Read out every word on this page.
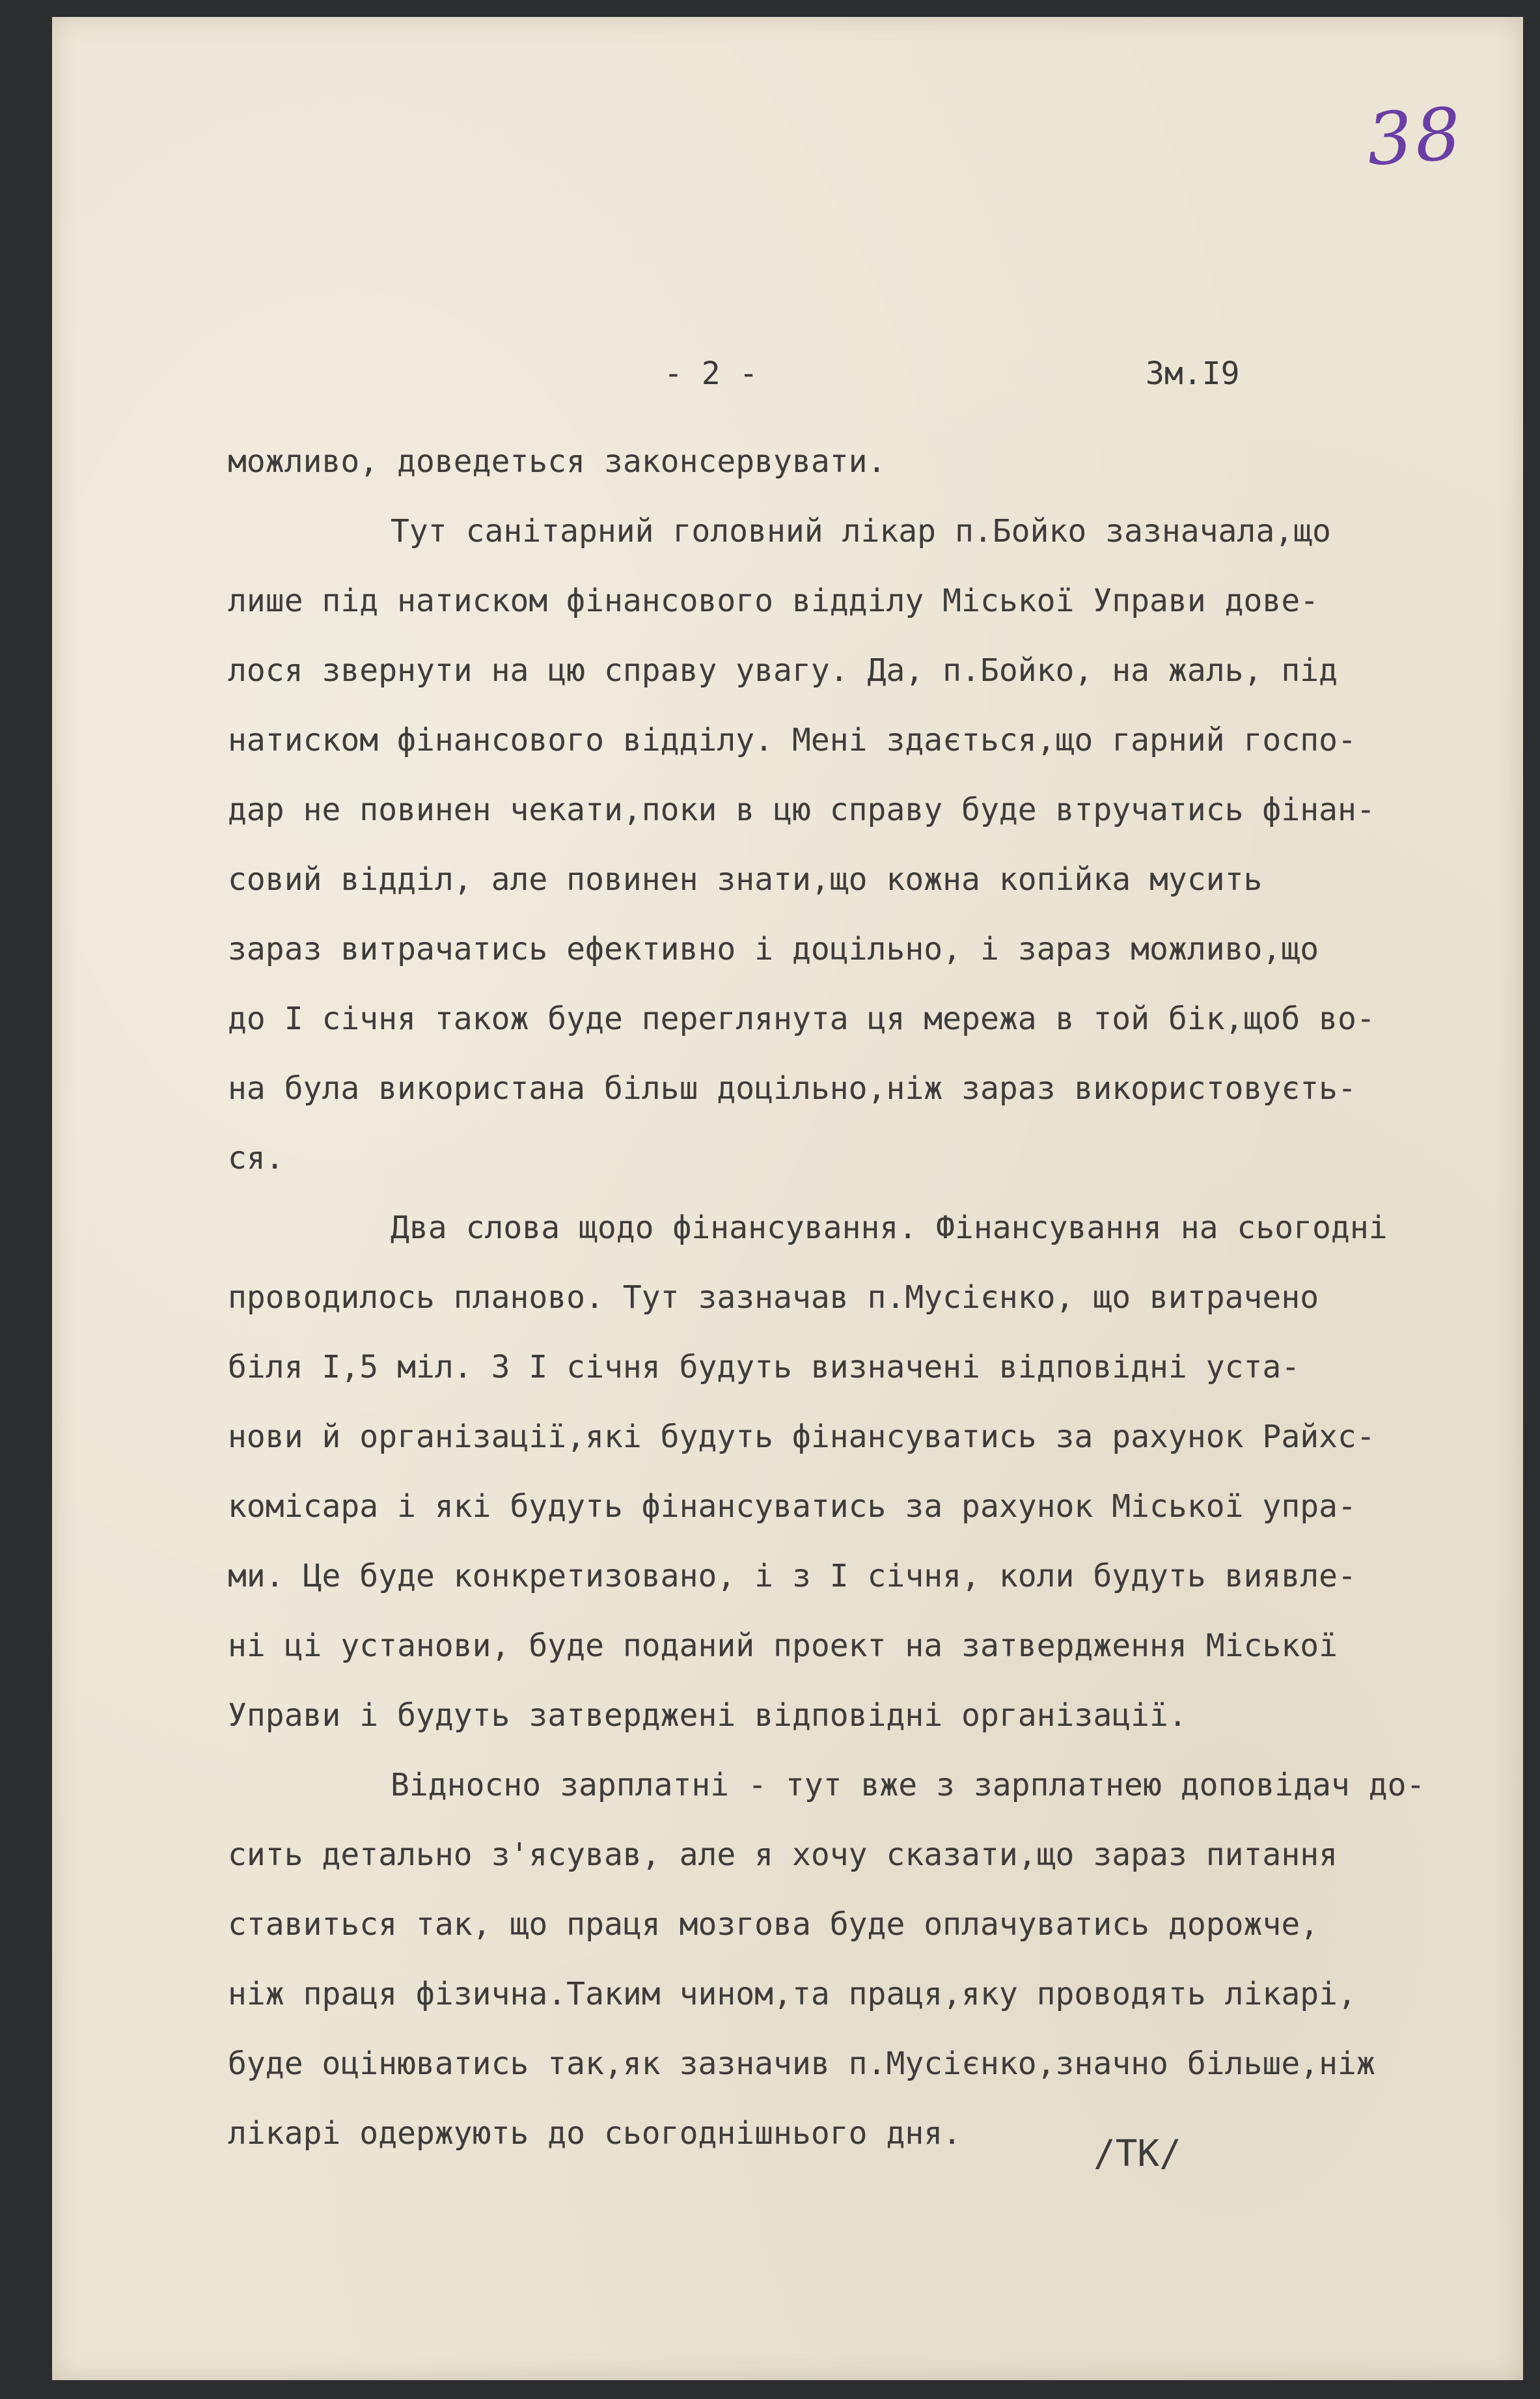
38
- 2 -	Зм.I9
можливо, доведеться законсервувати.
Тут санітарний головний лікар п.Бойко зазначала,що
лише під натиском фінансового відділу Міської Управи дове-
лося звернути на цю справу увагу. Да, п.Бойко, на жаль, під
натиском фінансового відділу. Мені здається,що гарний госпо-
дар не повинен чекати,поки в цю справу буде втручатись фінан-
совий відділ, але повинен знати,що кожна копійка мусить
зараз витрачатись ефективно і доцільно, і зараз можливо,що
до I січня також буде переглянута ця мережа в той бік,щоб во-
на була використана більш доцільно,ніж зараз використовуєть-
ся.
Два слова щодо фінансування. Фінансування на сьогодні
проводилось планово. Тут зазначав п.Мусієнко, що витрачено
біля I,5 міл. З I січня будуть визначені відповідні уста-
нови й організації,які будуть фінансуватись за рахунок Райхс-
комісара і які будуть фінансуватись за рахунок Міської упра-
ми. Це буде конкретизовано, і з I січня, коли будуть виявле-
ні ці установи, буде поданий проект на затвердження Міської
Управи і будуть затверджені відповідні організації.
Відносно зарплатні - тут вже з зарплатнею доповідач до-
сить детально з'ясував, але я хочу сказати,що зараз питання
ставиться так, що праця мозгова буде оплачуватись дорожче,
ніж праця фізична.Таким чином,та праця,яку проводять лікарі,
буде оцінюватись так,як зазначив п.Мусієнко,значно більше,ніж
лікарі одержують до сьогоднішнього дня.	/ТК/
